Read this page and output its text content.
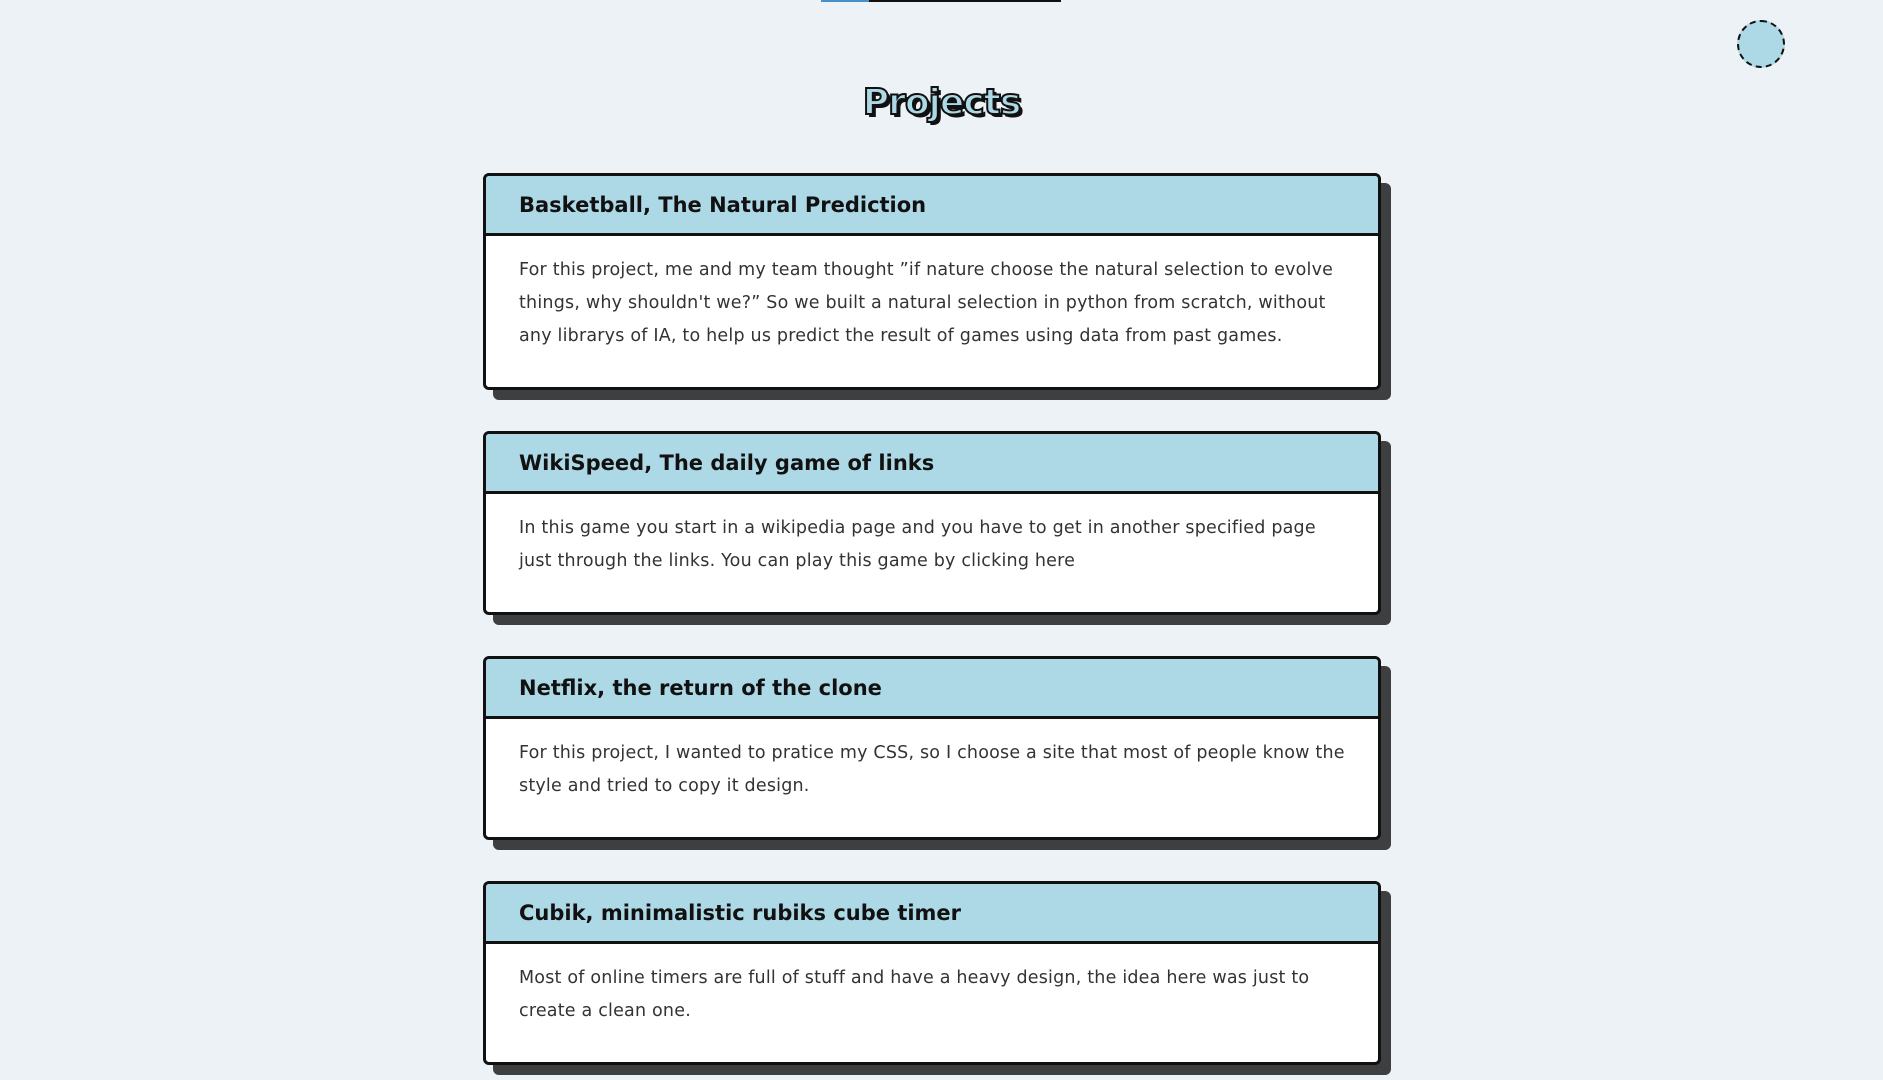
Projects
Basketball, The Natural Prediction
For this project, me and my team thought ”if nature choose the natural selection to evolve things, why shouldn't we?” So we built a natural selection in python from scratch, without any librarys of IA, to help us predict the result of games using data from past games.
WikiSpeed, The daily game of links
In this game you start in a wikipedia page and you have to get in another specified page just through the links. You can play this game by clicking here
Netflix, the return of the clone
For this project, I wanted to pratice my CSS, so I choose a site that most of people know the style and tried to copy it design.
Cubik, minimalistic rubiks cube timer
Most of online timers are full of stuff and have a heavy design, the idea here was just to create a clean one.
